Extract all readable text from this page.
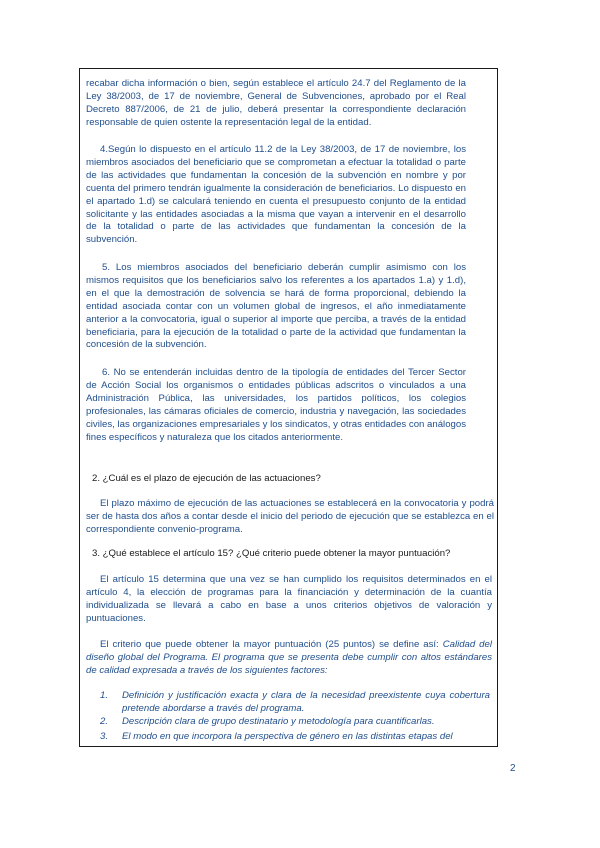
recabar dicha información o bien, según establece el artículo 24.7 del Reglamento de la Ley 38/2003, de 17 de noviembre, General de Subvenciones, aprobado por el Real Decreto 887/2006, de 21 de julio, deberá presentar la correspondiente declaración responsable de quien ostente la representación legal de la entidad.

4.Según lo dispuesto en el artículo 11.2 de la Ley 38/2003, de 17 de noviembre, los miembros asociados del beneficiario que se comprometan a efectuar la totalidad o parte de las actividades que fundamentan la concesión de la subvención en nombre y por cuenta del primero tendrán igualmente la consideración de beneficiarios. Lo dispuesto en el apartado 1.d) se calculará teniendo en cuenta el presupuesto conjunto de la entidad solicitante y las entidades asociadas a la misma que vayan a intervenir en el desarrollo de la totalidad o parte de las actividades que fundamentan la concesión de la subvención.

5. Los miembros asociados del beneficiario deberán cumplir asimismo con los mismos requisitos que los beneficiarios salvo los referentes a los apartados 1.a) y 1.d), en el que la demostración de solvencia se hará de forma proporcional, debiendo la entidad asociada contar con un volumen global de ingresos, el año inmediatamente anterior a la convocatoria, igual o superior al importe que perciba, a través de la entidad beneficiaria, para la ejecución de la totalidad o parte de la actividad que fundamentan la concesión de la subvención.

6. No se entenderán incluidas dentro de la tipología de entidades del Tercer Sector de Acción Social los organismos o entidades públicas adscritos o vinculados a una Administración Pública, las universidades, los partidos políticos, los colegios profesionales, las cámaras oficiales de comercio, industria y navegación, las sociedades civiles, las organizaciones empresariales y los sindicatos, y otras entidades con análogos fines específicos y naturaleza que los citados anteriormente.

2. ¿Cuál es el plazo de ejecución de las actuaciones?

El plazo máximo de ejecución de las actuaciones se establecerá en la convocatoria y podrá ser de hasta dos años a contar desde el inicio del periodo de ejecución que se establezca en el correspondiente convenio-programa.

3. ¿Qué establece el artículo 15? ¿Qué criterio puede obtener la mayor puntuación?

El artículo 15 determina que una vez se han cumplido los requisitos determinados en el artículo 4, la elección de programas para la financiación y determinación de la cuantía individualizada se llevará a cabo en base a unos criterios objetivos de valoración y puntuaciones.

El criterio que puede obtener la mayor puntuación (25 puntos) se define así: Calidad del diseño global del Programa. El programa que se presenta debe cumplir con altos estándares de calidad expresada a través de los siguientes factores:

1. Definición y justificación exacta y clara de la necesidad preexistente cuya cobertura pretende abordarse a través del programa.
2. Descripción clara de grupo destinatario y metodología para cuantificarlas.
3. El modo en que incorpora la perspectiva de género en las distintas etapas del
2
